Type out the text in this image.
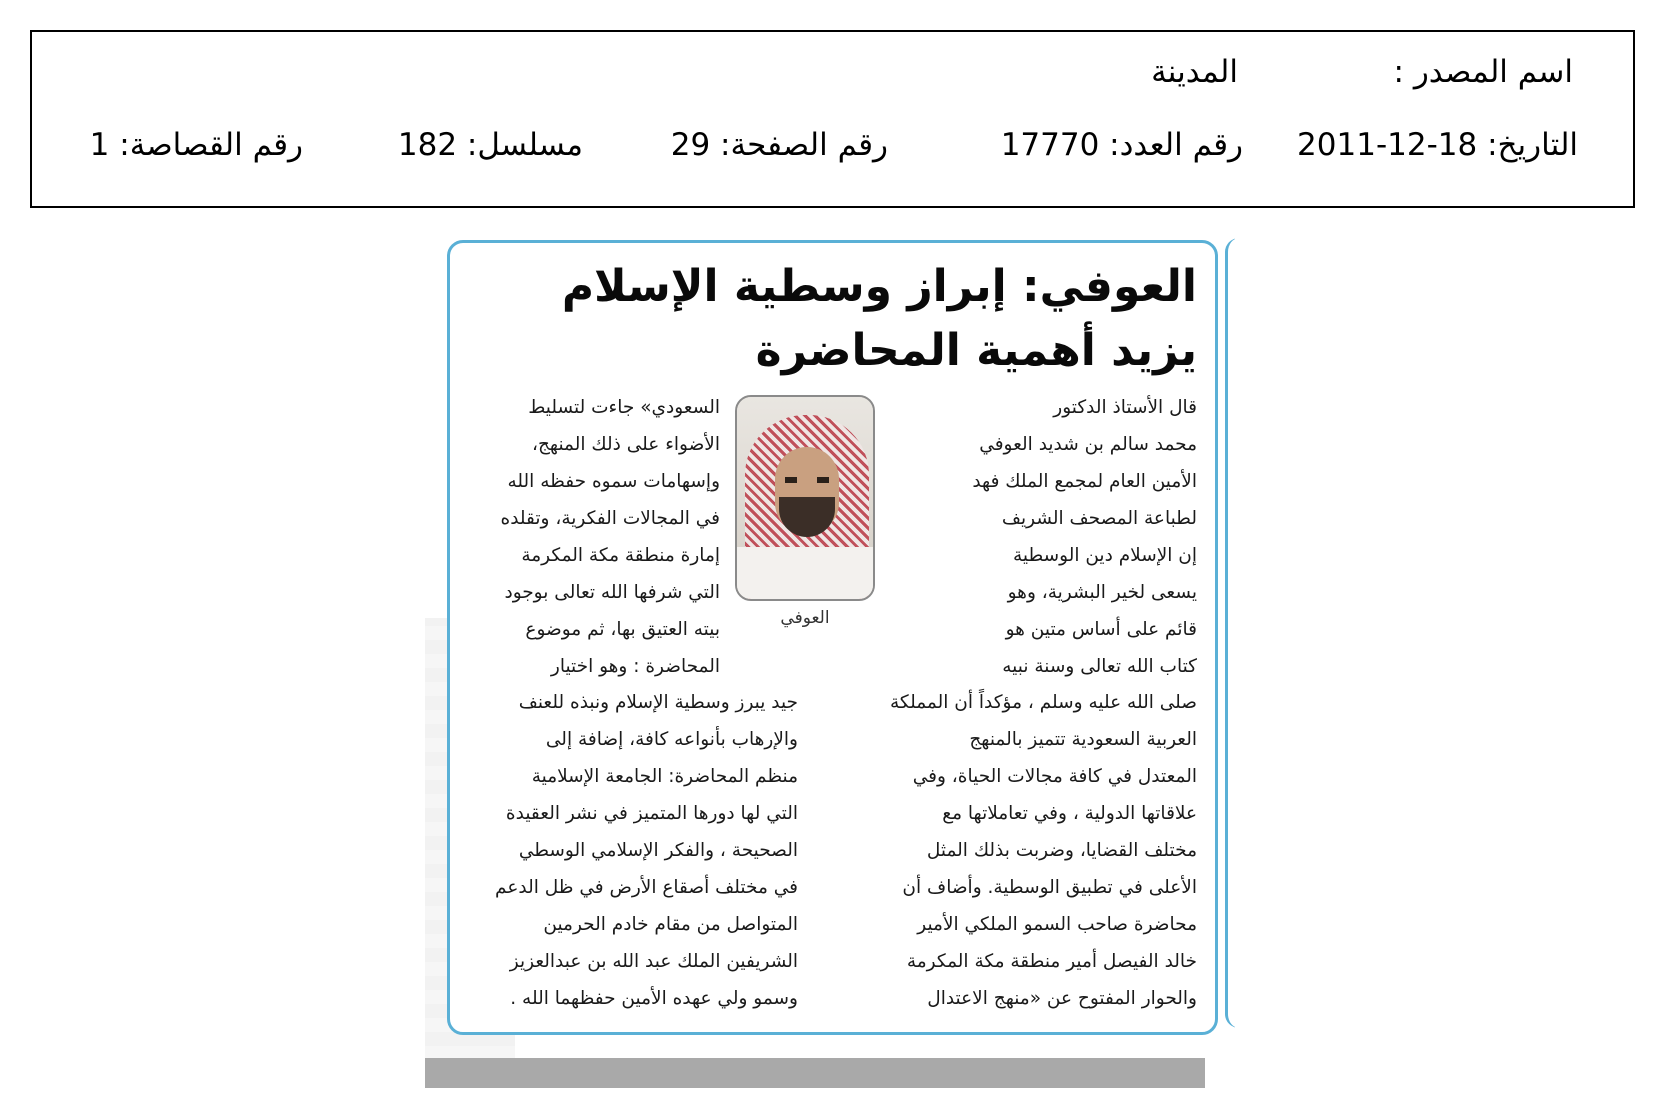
اسم المصدر :
المدينة
التاريخ: 18-12-2011
رقم العدد: 17770
رقم الصفحة: 29
مسلسل: 182
رقم القصاصة: 1
العوفي: إبراز وسطية الإسلام
يزيد أهمية المحاضرة
قال الأستاذ الدكتور
محمد سالم بن شديد العوفي
الأمين العام لمجمع الملك فهد
لطباعة المصحف الشريف
إن الإسلام دين الوسطية
يسعى لخير البشرية، وهو
قائم على أساس متين هو
كتاب الله تعالى وسنة نبيه
العوفي
السعودي» جاءت لتسليط
الأضواء على ذلك المنهج،
وإسهامات سموه حفظه الله
في المجالات الفكرية، وتقلده
إمارة منطقة مكة المكرمة
التي شرفها الله تعالى بوجود
بيته العتيق بها، ثم موضوع
المحاضرة : وهو اختيار
صلى الله عليه وسلم ، مؤكداً أن المملكة
العربية السعودية تتميز بالمنهج
المعتدل في كافة مجالات الحياة، وفي
علاقاتها الدولية ، وفي تعاملاتها مع
مختلف القضايا، وضربت بذلك المثل
الأعلى في تطبيق الوسطية. وأضاف أن
محاضرة صاحب السمو الملكي الأمير
خالد الفيصل أمير منطقة مكة المكرمة
والحوار المفتوح عن «منهج الاعتدال
جيد يبرز وسطية الإسلام ونبذه للعنف
والإرهاب بأنواعه كافة، إضافة إلى
منظم المحاضرة: الجامعة الإسلامية
التي لها دورها المتميز في نشر العقيدة
الصحيحة ، والفكر الإسلامي الوسطي
في مختلف أصقاع الأرض في ظل الدعم
المتواصل من مقام خادم الحرمين
الشريفين الملك عبد الله بن عبدالعزيز
وسمو ولي عهده الأمين حفظهما الله .
